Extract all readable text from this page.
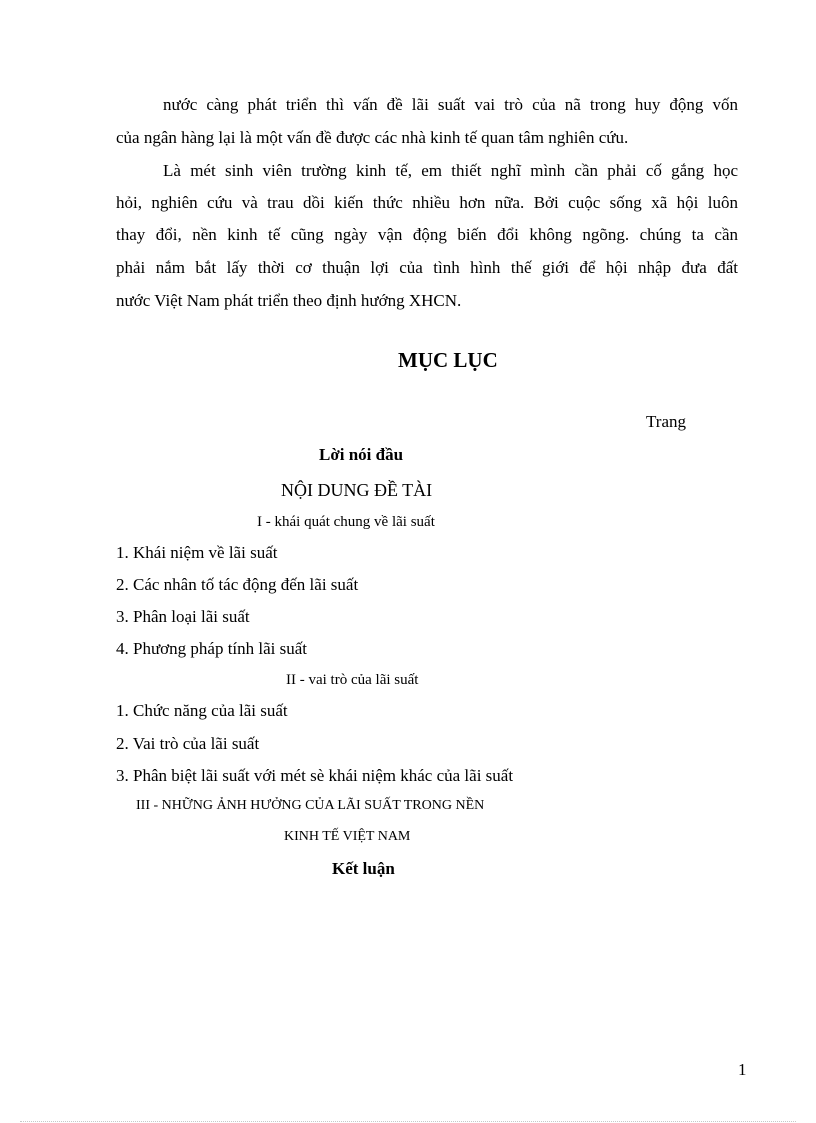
nước càng phát triển thì vấn đề lãi suất vai trò của nã trong huy động vốn
của ngân hàng lại là một vấn đề được các nhà kinh tế quan tâm nghiên cứu.
Là mét sinh viên trường kinh tế, em thiết nghĩ mình cần phải cố gắng học
hỏi, nghiên cứu và trau dồi kiến thức nhiều hơn nữa. Bởi cuộc sống xã hội luôn
thay đổi, nền kinh tế cũng ngày vận động biến đổi không ngõng. chúng ta cần
phải nắm bắt lấy thời cơ thuận lợi của tình hình thế giới để hội nhập đưa đất
nước Việt Nam phát triển theo định hướng XHCN.
MỤC LỤC
Trang
Lời nói đầu
NỘI DUNG ĐỀ TÀI
I - khái quát chung về lãi suất
1. Khái niệm về lãi suất
2. Các nhân tố tác động đến lãi suất
3. Phân loại lãi suất
4. Phương pháp tính lãi suất
II - vai trò của lãi suất
1. Chức năng của lãi suất
2. Vai trò của lãi suất
3. Phân biệt lãi suất với mét sè khái niệm khác của lãi suất
III - NHỮNG ẢNH HƯỞNG CỦA LÃI SUẤT TRONG NỀN
KINH TẾ VIỆT NAM
Kết luận
1
